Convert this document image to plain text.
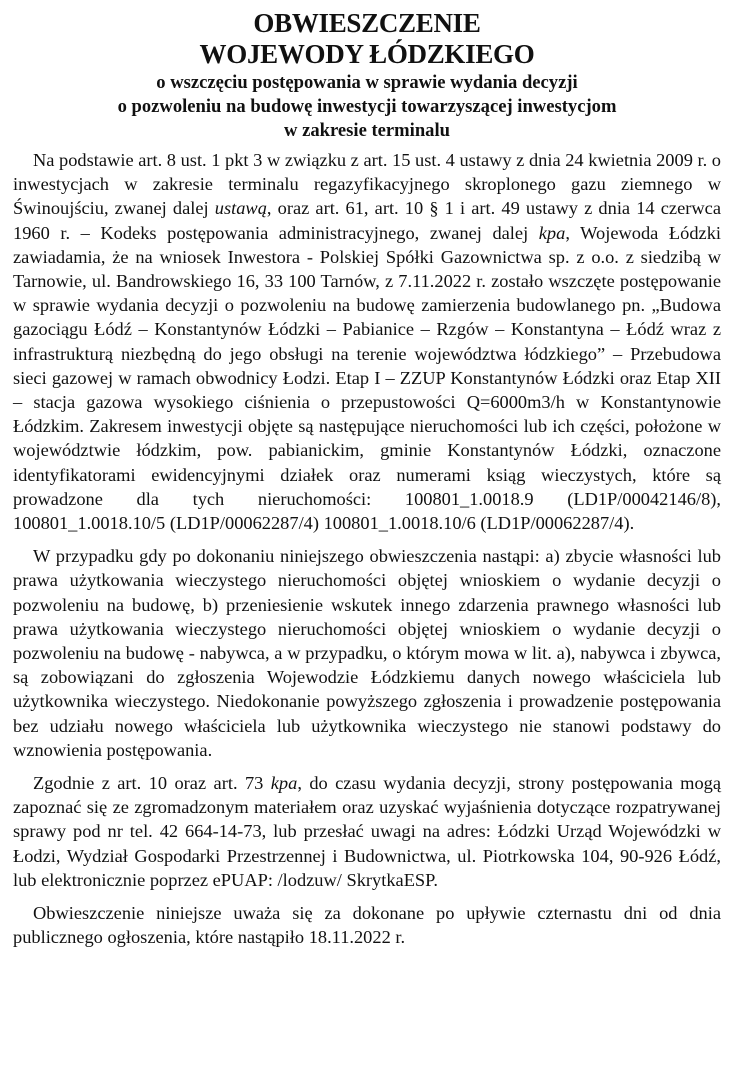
OBWIESZCZENIE
WOJEWODY ŁÓDZKIEGO
o wszczęciu postępowania w sprawie wydania decyzji
o pozwoleniu na budowę inwestycji towarzyszącej inwestycjom
w zakresie terminalu

Na podstawie art. 8 ust. 1 pkt 3 w związku z art. 15 ust. 4 ustawy z dnia 24 kwietnia 2009 r. o inwestycjach w zakresie terminalu regazyfikacyjnego skroplonego gazu ziemnego w Świnoujściu, zwanej dalej ustawą, oraz art. 61, art. 10 § 1 i art. 49 ustawy z dnia 14 czerwca 1960 r. – Kodeks postępowania administracyjnego, zwanej dalej kpa, Wojewoda Łódzki zawiadamia, że na wniosek Inwestora - Polskiej Spółki Gazownictwa sp. z o.o. z siedzibą w Tarnowie, ul. Bandrowskiego 16, 33 100 Tarnów, z 7.11.2022 r. zostało wszczęte postępowanie w sprawie wydania decyzji o pozwoleniu na budowę zamierzenia budowlanego pn. „Budowa gazociągu Łódź – Konstantynów Łódzki – Pabianice – Rzgów – Konstantyna – Łódź wraz z infrastrukturą niezbędną do jego obsługi na terenie województwa łódzkiego” – Przebudowa sieci gazowej w ramach obwodnicy Łodzi. Etap I – ZZUP Konstantynów Łódzki oraz Etap XII – stacja gazowa wysokiego ciśnienia o przepustowości Q=6000m3/h w Konstantynowie Łódzkim. Zakresem inwestycji objęte są następujące nieruchomości lub ich części, położone w województwie łódzkim, pow. pabianickim, gminie Konstantynów Łódzki, oznaczone identyfikatorami ewidencyjnymi działek oraz numerami ksiąg wieczystych, które są prowadzone dla tych nieruchomości: 100801_1.0018.9 (LD1P/00042146/8), 100801_1.0018.10/5 (LD1P/00062287/4) 100801_1.0018.10/6 (LD1P/00062287/4).

W przypadku gdy po dokonaniu niniejszego obwieszczenia nastąpi: a) zbycie własności lub prawa użytkowania wieczystego nieruchomości objętej wnioskiem o wydanie decyzji o pozwoleniu na budowę, b) przeniesienie wskutek innego zdarzenia prawnego własności lub prawa użytkowania wieczystego nieruchomości objętej wnioskiem o wydanie decyzji o pozwoleniu na budowę - nabywca, a w przypadku, o którym mowa w lit. a), nabywca i zbywca, są zobowiązani do zgłoszenia Wojewodzie Łódzkiemu danych nowego właściciela lub użytkownika wieczystego. Niedokonanie powyższego zgłoszenia i prowadzenie postępowania bez udziału nowego właściciela lub użytkownika wieczystego nie stanowi podstawy do wznowienia postępowania.

Zgodnie z art. 10 oraz art. 73 kpa, do czasu wydania decyzji, strony postępowania mogą zapoznać się ze zgromadzonym materiałem oraz uzyskać wyjaśnienia dotyczące rozpatrywanej sprawy pod nr tel. 42 664-14-73, lub przesłać uwagi na adres: Łódzki Urząd Wojewódzki w Łodzi, Wydział Gospodarki Przestrzennej i Budownictwa, ul. Piotrkowska 104, 90-926 Łódź, lub elektronicznie poprzez ePUAP: /lodzuw/ SkrytkaESP.

Obwieszczenie niniejsze uważa się za dokonane po upływie czternastu dni od dnia publicznego ogłoszenia, które nastąpiło 18.11.2022 r.
